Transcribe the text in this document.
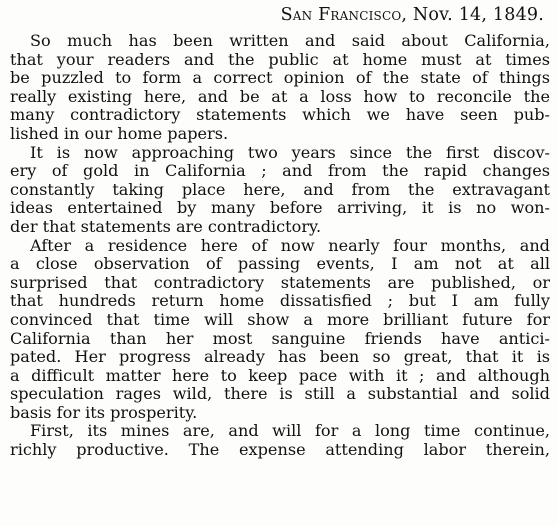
San Francisco, Nov. 14, 1849.
So much has been written and said about California,
that your readers and the public at home must at times
be puzzled to form a correct opinion of the state of things
really existing here, and be at a loss how to reconcile the
many contradictory statements which we have seen pub-
lished in our home papers.
It is now approaching two years since the first discov-
ery of gold in California ; and from the rapid changes
constantly taking place here, and from the extravagant
ideas entertained by many before arriving, it is no won-
der that statements are contradictory.
After a residence here of now nearly four months, and
a close observation of passing events, I am not at all
surprised that contradictory statements are published, or
that hundreds return home dissatisfied ; but I am fully
convinced that time will show a more brilliant future for
California than her most sanguine friends have antici-
pated. Her progress already has been so great, that it is
a difficult matter here to keep pace with it ; and although
speculation rages wild, there is still a substantial and solid
basis for its prosperity.
First, its mines are, and will for a long time continue,
richly productive. The expense attending labor therein,
